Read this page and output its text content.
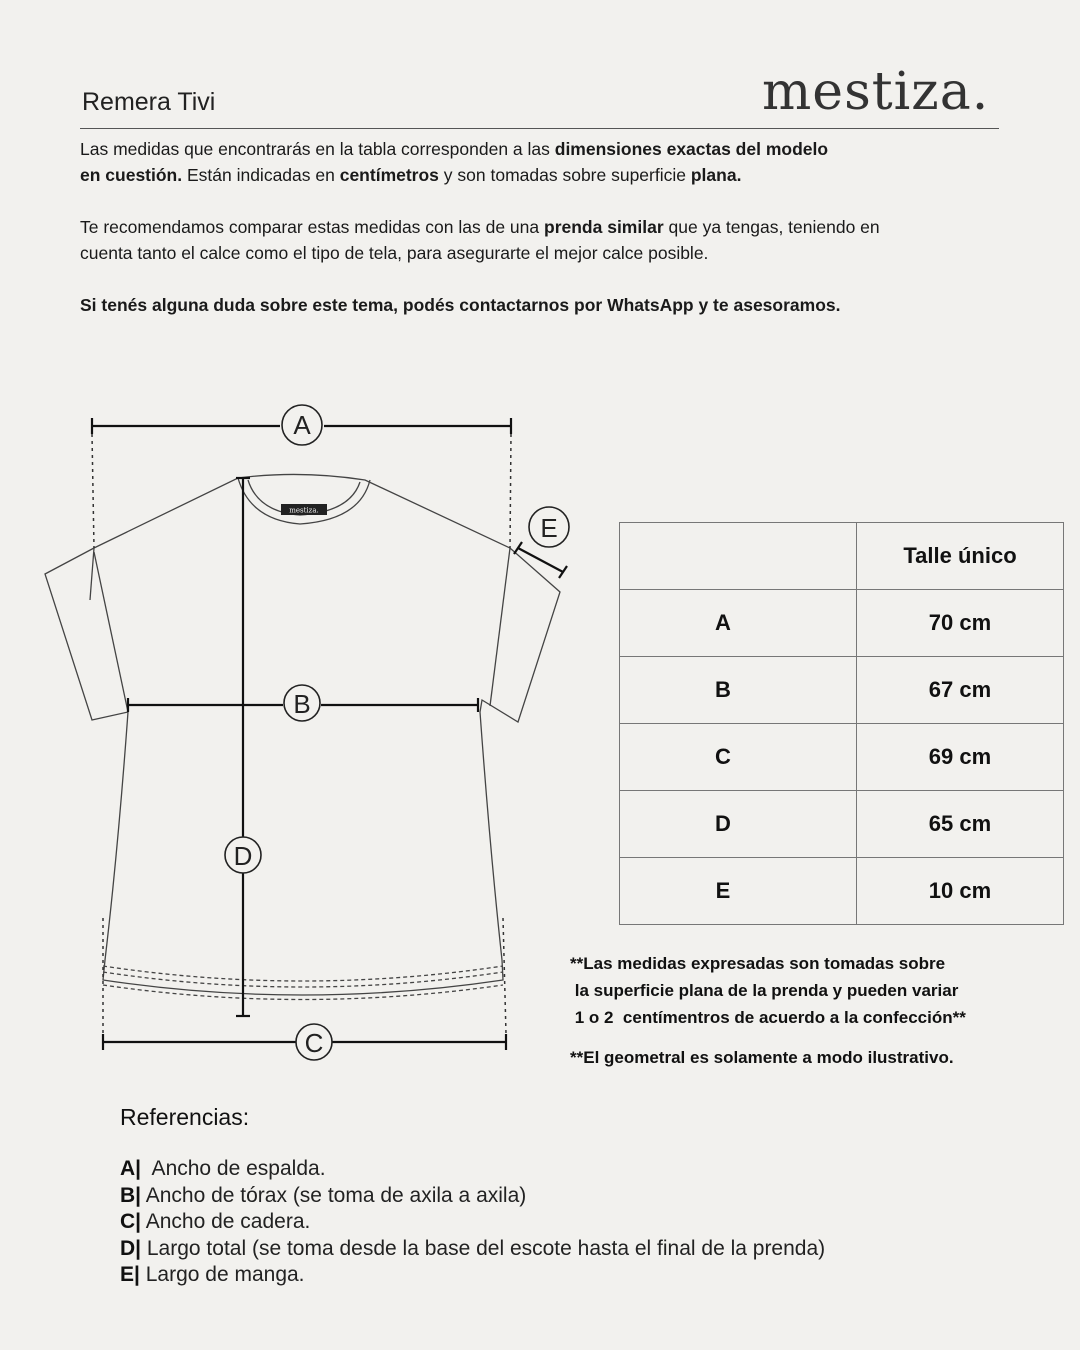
Remera Tivi	mestiza.
Las medidas que encontrarás en la tabla corresponden a las dimensiones exactas del modelo
en cuestión. Están indicadas en centímetros y son tomadas sobre superficie plana.
Te recomendamos comparar estas medidas con las de una prenda similar que ya tengas, teniendo en
cuenta tanto el calce como el tipo de tela, para asegurarte el mejor calce posible.
Si tenés alguna duda sobre este tema, podés contactarnos por WhatsApp y te asesoramos.
mestiza.
A
B
C
D
E
	Talle único
A	70 cm
B	67 cm
C	69 cm
D	65 cm
E	10 cm
**Las medidas expresadas son tomadas sobre
la superficie plana de la prenda y pueden variar
1 o 2  centímentros de acuerdo a la confección**
**El geometral es solamente a modo ilustrativo.
Referencias:
A|  Ancho de espalda.
B| Ancho de tórax (se toma de axila a axila)
C| Ancho de cadera.
D| Largo total (se toma desde la base del escote hasta el final de la prenda)
E| Largo de manga.
